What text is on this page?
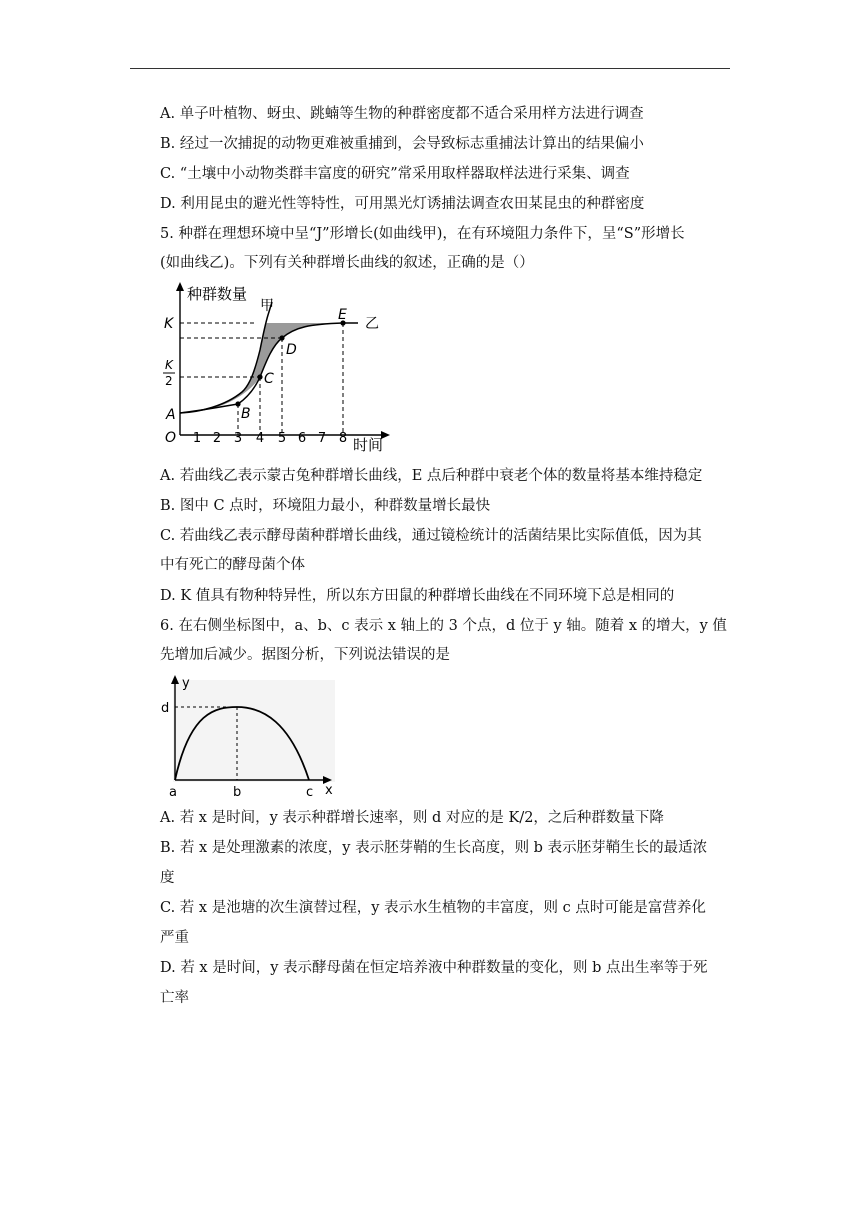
A. 单子叶植物、蚜虫、跳蝻等生物的种群密度都不适合采用样方法进行调查
B. 经过一次捕捉的动物更难被重捕到，会导致标志重捕法计算出的结果偏小
C. “土壤中小动物类群丰富度的研究”常采用取样器取样法进行采集、调查
D. 利用昆虫的避光性等特性，可用黑光灯诱捕法调查农田某昆虫的种群密度
5. 种群在理想环境中呈“J”形增长(如曲线甲)，在有环境阻力条件下，呈“S”形增长
(如曲线乙)。下列有关种群增长曲线的叙述，正确的是（）
种群数量
甲
乙
K
K
2
A	B
C
D
E
O 1 2 3 4 5 6 7 8 时间
A. 若曲线乙表示蒙古兔种群增长曲线，E 点后种群中衰老个体的数量将基本维持稳定
B. 图中 C 点时，环境阻力最小，种群数量增长最快
C. 若曲线乙表示酵母菌种群增长曲线，通过镜检统计的活菌结果比实际值低，因为其
中有死亡的酵母菌个体
D. K 值具有物种特异性，所以东方田鼠的种群增长曲线在不同环境下总是相同的
6. 在右侧坐标图中，a、b、c 表示 x 轴上的 3 个点，d 位于 y 轴。随着 x 的增大，y 值
先增加后减少。据图分析，下列说法错误的是
y
d
a	b	c x
A. 若 x 是时间，y 表示种群增长速率，则 d 对应的是 K/2，之后种群数量下降
B. 若 x 是处理激素的浓度，y 表示胚芽鞘的生长高度，则 b 表示胚芽鞘生长的最适浓
度
C. 若 x 是池塘的次生演替过程，y 表示水生植物的丰富度，则 c 点时可能是富营养化
严重
D. 若 x 是时间，y 表示酵母菌在恒定培养液中种群数量的变化，则 b 点出生率等于死
亡率
